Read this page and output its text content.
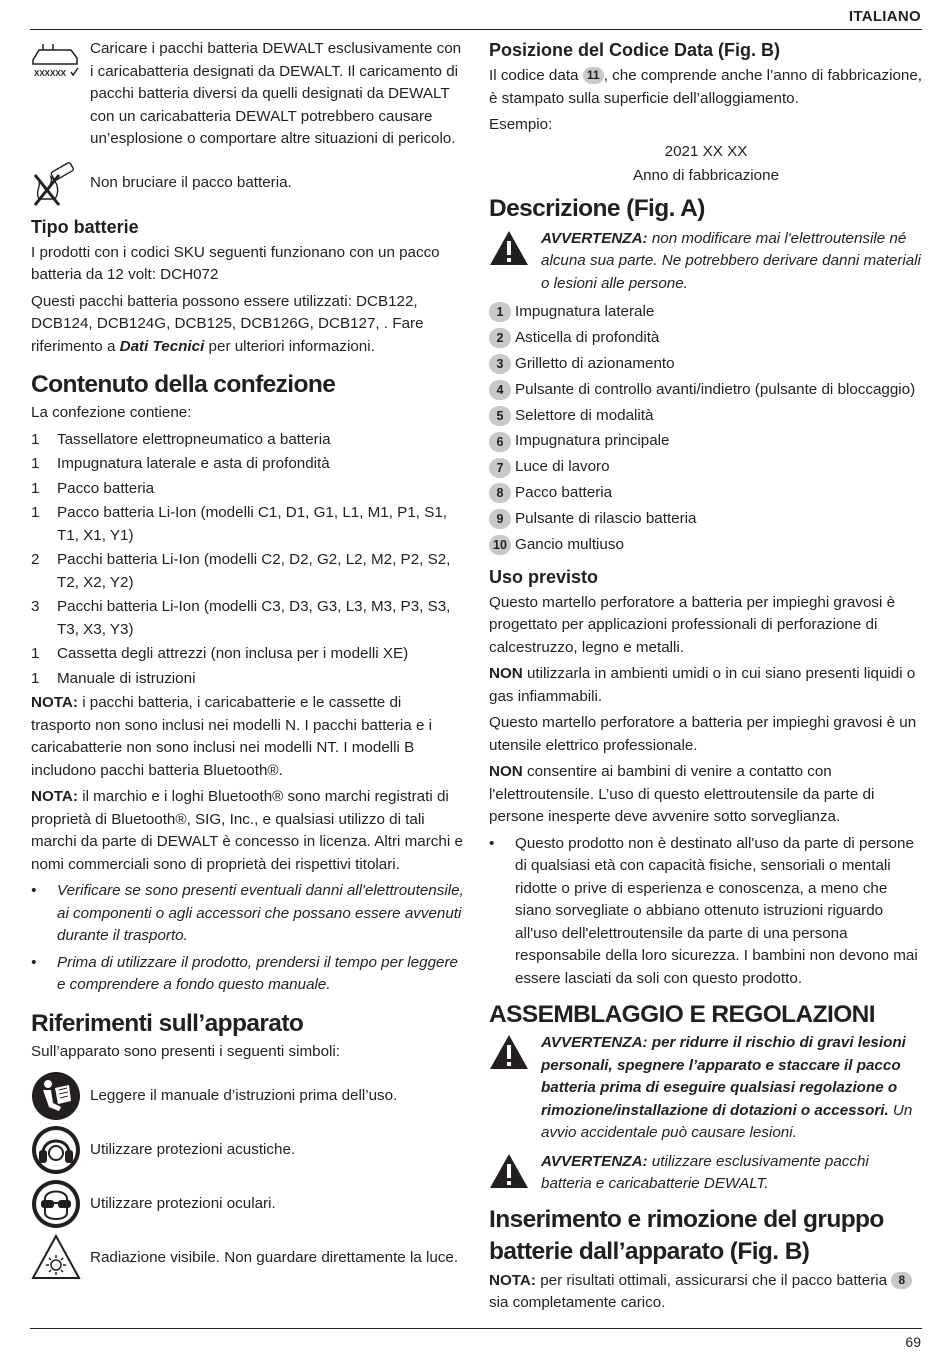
ITALIANO
XXXXXX
Caricare i pacchi batteria DEWALT esclusivamente con i caricabatteria designati da DEWALT. Il caricamento di pacchi batteria diversi da quelli designati da DEWALT con un caricabatteria DEWALT potrebbero causare un’esplosione o comportare altre situazioni di pericolo.
Non bruciare il pacco batteria.
Tipo batterie

I prodotti con i codici SKU seguenti funzionano con un pacco batteria da 12 volt: DCH072

Questi pacchi batteria possono essere utilizzati: DCB122, DCB124, DCB124G, DCB125, DCB126G, DCB127, . Fare riferimento a Dati Tecnici per ulteriori informazioni.

Contenuto della confezione

La confezione contiene:

1	Tassellatore elettropneumatico a batteria
1	Impugnatura laterale e asta di profondità
1	Pacco batteria
1	Pacco batteria Li-Ion (modelli C1, D1, G1, L1, M1, P1, S1, T1, X1, Y1)
2	Pacchi batteria Li-Ion (modelli C2, D2, G2, L2, M2, P2, S2, T2, X2, Y2)
3	Pacchi batteria Li-Ion (modelli C3, D3, G3, L3, M3, P3, S3, T3, X3, Y3)
1	Cassetta degli attrezzi (non inclusa per i modelli XE)
1	Manuale di istruzioni

NOTA: i pacchi batteria, i caricabatterie e le cassette di trasporto non sono inclusi nei modelli N. I pacchi batteria e i caricabatterie non sono inclusi nei modelli NT. I modelli B includono pacchi batteria Bluetooth®.

NOTA: il marchio e i loghi Bluetooth® sono marchi registrati di proprietà di Bluetooth®, SIG, Inc., e qualsiasi utilizzo di tali marchi da parte di DEWALT è concesso in licenza. Altri marchi e nomi commerciali sono di proprietà dei rispettivi titolari.

•	Verificare se sono presenti eventuali danni all'elettroutensile, ai componenti o agli accessori che possano essere avvenuti durante il trasporto.
•	Prima di utilizzare il prodotto, prendersi il tempo per leggere e comprendere a fondo questo manuale.
Riferimenti sull’apparato

Sull’apparato sono presenti i seguenti simboli:

Leggere il manuale d’istruzioni prima dell’uso.
Utilizzare protezioni acustiche.
Utilizzare protezioni oculari.
Radiazione visibile. Non guardare direttamente la luce.
Posizione del Codice Data (Fig. B)

Il codice data 11 , che comprende anche l’anno di fabbricazione, è stampato sulla superficie dell’alloggiamento.

Esempio:

2021 XX XX

Anno di fabbricazione

Descrizione (Fig. A)
AVVERTENZA: non modificare mai l'elettroutensile né alcuna sua parte. Ne potrebbero derivare danni materiali o lesioni alle persone.
1 Impugnatura laterale
2 Asticella di profondità
3 Grilletto di azionamento
4 Pulsante di controllo avanti/indietro (pulsante di bloccaggio)
5 Selettore di modalità
6 Impugnatura principale
7 Luce di lavoro
8 Pacco batteria
9 Pulsante di rilascio batteria
10 Gancio multiuso
Uso previsto

Questo martello perforatore a batteria per impieghi gravosi è progettato per applicazioni professionali di perforazione di calcestruzzo, legno e metalli.

NON utilizzarla in ambienti umidi o in cui siano presenti liquidi o gas infiammabili.

Questo martello perforatore a batteria per impieghi gravosi è un utensile elettrico professionale.

NON consentire ai bambini di venire a contatto con l'elettroutensile. L’uso di questo elettroutensile da parte di persone inesperte deve avvenire sotto sorveglianza.

•	Questo prodotto non è destinato all'uso da parte di persone di qualsiasi età con capacità fisiche, sensoriali o mentali ridotte o prive di esperienza e conoscenza, a meno che siano sorvegliate o abbiano ottenuto istruzioni riguardo all'uso dell'elettroutensile da parte di una persona responsabile della loro sicurezza. I bambini non devono mai essere lasciati da soli con questo prodotto.
ASSEMBLAGGIO E REGOLAZIONI
AVVERTENZA: per ridurre il rischio di gravi lesioni personali, spegnere l’apparato e staccare il pacco batteria prima di eseguire qualsiasi regolazione o rimozione/installazione di dotazioni o accessori. Un avvio accidentale può causare lesioni.
AVVERTENZA: utilizzare esclusivamente pacchi batteria e caricabatterie DEWALT.
Inserimento e rimozione del gruppo batterie dall’apparato (Fig. B)

NOTA: per risultati ottimali, assicurarsi che il pacco batteria 8 sia completamente carico.

69
